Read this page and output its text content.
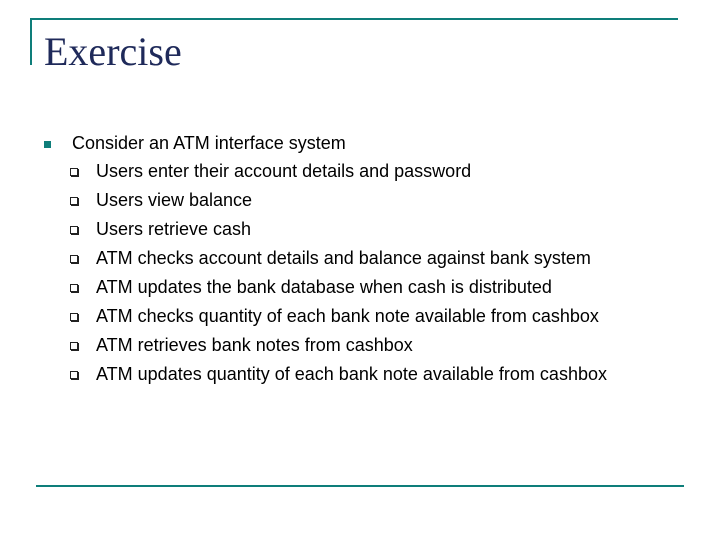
Exercise
Consider an ATM interface system
Users enter their account details and password
Users view balance
Users retrieve cash
ATM checks account details and balance against bank system
ATM updates the bank database when cash is distributed
ATM checks quantity of each bank note available from cashbox
ATM retrieves bank notes from cashbox
ATM updates quantity of each bank note available from cashbox
